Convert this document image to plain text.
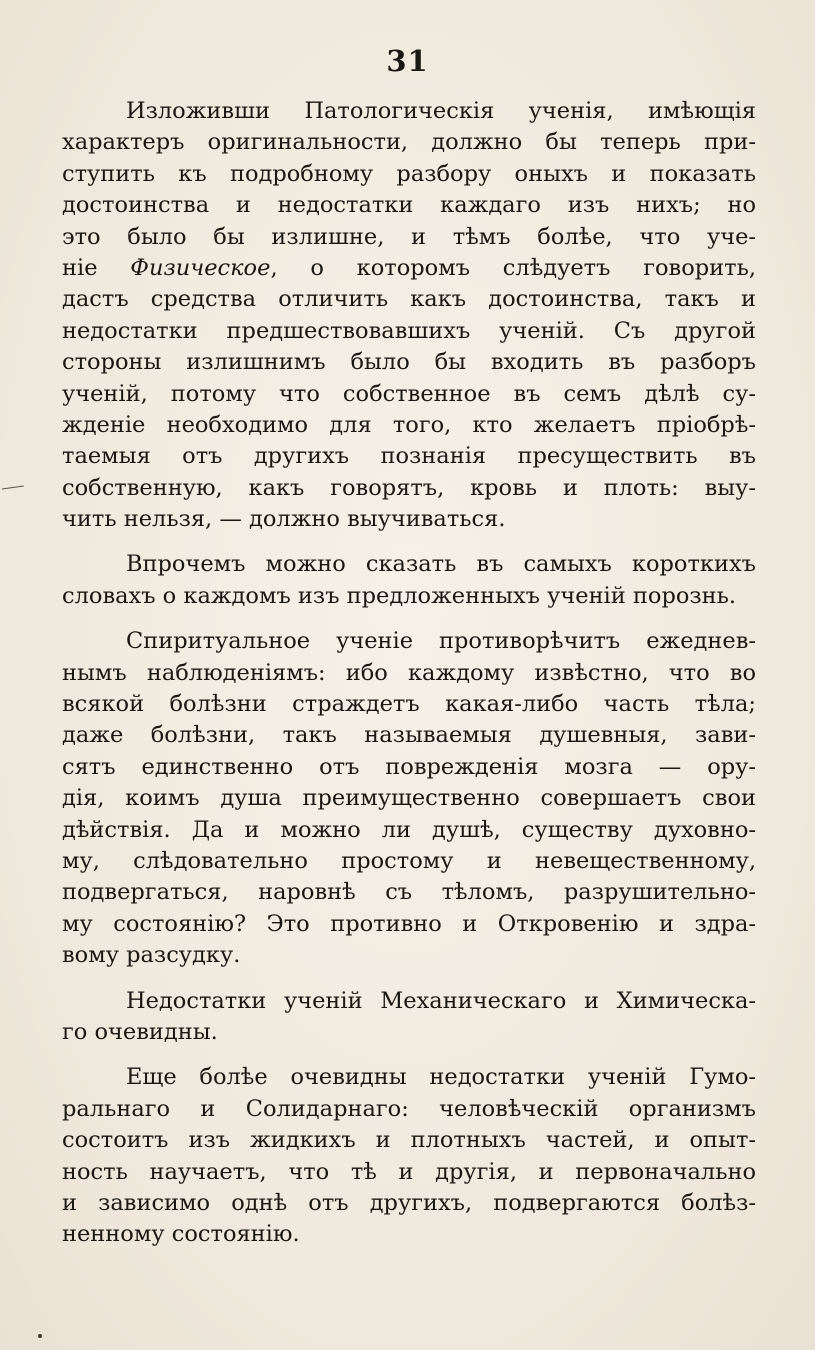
31
Изложивши Патологическія ученія, имѣющія
характеръ оригинальности, должно бы теперь при-
ступить къ подробному разбору оныхъ и показать
достоинства и недостатки каждаго изъ нихъ; но
это было бы излишне, и тѣмъ болѣе, что уче-
ніе Физическое, о которомъ слѣдуетъ говорить,
дастъ средства отличить какъ достоинства, такъ и
недостатки предшествовавшихъ ученій. Съ другой
стороны излишнимъ было бы входить въ разборъ
ученій, потому что собственное въ семъ дѣлѣ су-
жденіе необходимо для того, кто желаетъ пріобрѣ-
таемыя отъ другихъ познанія пресуществить въ
собственную, какъ говорятъ, кровь и плоть: выу-
чить нельзя, — должно выучиваться.
Впрочемъ можно сказать въ самыхъ короткихъ
словахъ о каждомъ изъ предложенныхъ ученій порознь.
Спиритуальное ученіе противорѣчитъ ежеднев-
нымъ наблюденіямъ: ибо каждому извѣстно, что во
всякой болѣзни страждетъ какая-либо часть тѣла;
даже болѣзни, такъ называемыя душевныя, зави-
сятъ единственно отъ поврежденія мозга — ору-
дія, коимъ душа преимущественно совершаетъ свои
дѣйствія. Да и можно ли душѣ, существу духовно-
му, слѣдовательно простому и невещественному,
подвергаться, наровнѣ съ тѣломъ, разрушительно-
му состоянію? Это противно и Откровенію и здра-
вому разсудку.
Недостатки ученій Механическаго и Химическа-
го очевидны.
Еще болѣе очевидны недостатки ученій Гумо-
ральнаго и Солидарнаго: человѣческій организмъ
состоитъ изъ жидкихъ и плотныхъ частей, и опыт-
ность научаетъ, что тѣ и другія, и первоначально
и зависимо однѣ отъ другихъ, подвергаются болѣз-
ненному состоянію.
